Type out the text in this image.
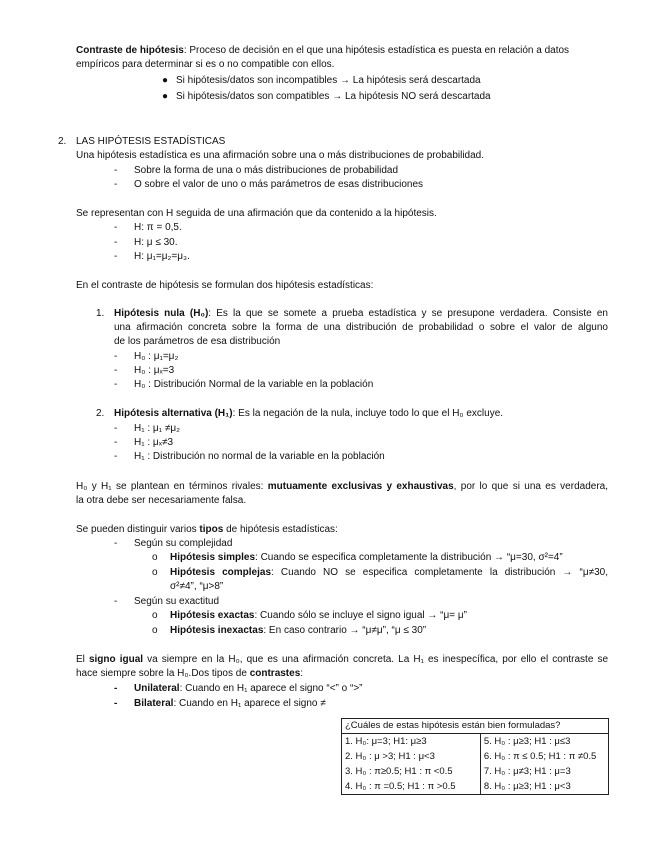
Contraste de hipótesis: Proceso de decisión en el que una hipótesis estadística es puesta en relación a datos
empíricos para determinar si es o no compatible con ellos.
● Si hipótesis/datos son incompatibles → La hipótesis será descartada
● Si hipótesis/datos son compatibles → La hipótesis NO será descartada
2. LAS HIPÓTESIS ESTADÍSTICAS
Una hipótesis estadística es una afirmación sobre una o más distribuciones de probabilidad.
- Sobre la forma de una o más distribuciones de probabilidad
- O sobre el valor de uno o más parámetros de esas distribuciones
Se representan con H seguida de una afirmación que da contenido a la hipótesis.
- H: π = 0,5.
- H: μ ≤ 30.
- H: μ₁=μ₂=μ₃.
En el contraste de hipótesis se formulan dos hipótesis estadísticas:
1. Hipótesis nula (H₀): Es la que se somete a prueba estadística y se presupone verdadera. Consiste en
una afirmación concreta sobre la forma de una distribución de probabilidad o sobre el valor de alguno
de los parámetros de esa distribución
- H₀ : μ₁=μ₂
- H₀ : μₓ=3
- H₀ : Distribución Normal de la variable en la población
2. Hipótesis alternativa (H₁): Es la negación de la nula, incluye todo lo que el H₀ excluye.
- H₁ : μ₁ ≠μ₂
- H₁ : μₓ≠3
- H₁ : Distribución no normal de la variable en la población
H₀ y H₁ se plantean en términos rivales: mutuamente exclusivas y exhaustivas, por lo que si una es verdadera,
la otra debe ser necesariamente falsa.
Se pueden distinguir varios tipos de hipótesis estadísticas:
- Según su complejidad
o Hipótesis simples: Cuando se especifica completamente la distribución → “μ=30, σ²=4”
o Hipótesis complejas: Cuando NO se especifica completamente la distribución → “μ≠30,
σ²≠4”, “μ>8”
- Según su exactitud
o Hipótesis exactas: Cuando sólo se incluye el signo igual → “μ= μ”
o Hipótesis inexactas: En caso contrario → “μ≠μ”, “μ ≤ 30”
El signo igual va siempre en la H₀, que es una afirmación concreta. La H₁ es inespecífica, por ello el contraste se
hace siempre sobre la H₀.Dos tipos de contrastes:
- Unilateral: Cuando en H₁ aparece el signo “<” o “>”
- Bilateral: Cuando en H₁ aparece el signo ≠
¿Cuáles de estas hipótesis están bien formuladas?

1. H₀: μ=3; H1: μ≥3
2. H₀ : μ >3; H1 : μ<3
3. H₀ : π≥0.5; H1 : π <0.5
4. H₀ : π =0.5; H1 : π >0.5

5. H₀ : μ≥3; H1 : μ≤3
6. H₀ : π ≤ 0.5; H1 : π ≠0.5
7. H₀ : μ≠3; H1 : μ=3
8. H₀ : μ≥3; H1 : μ<3
